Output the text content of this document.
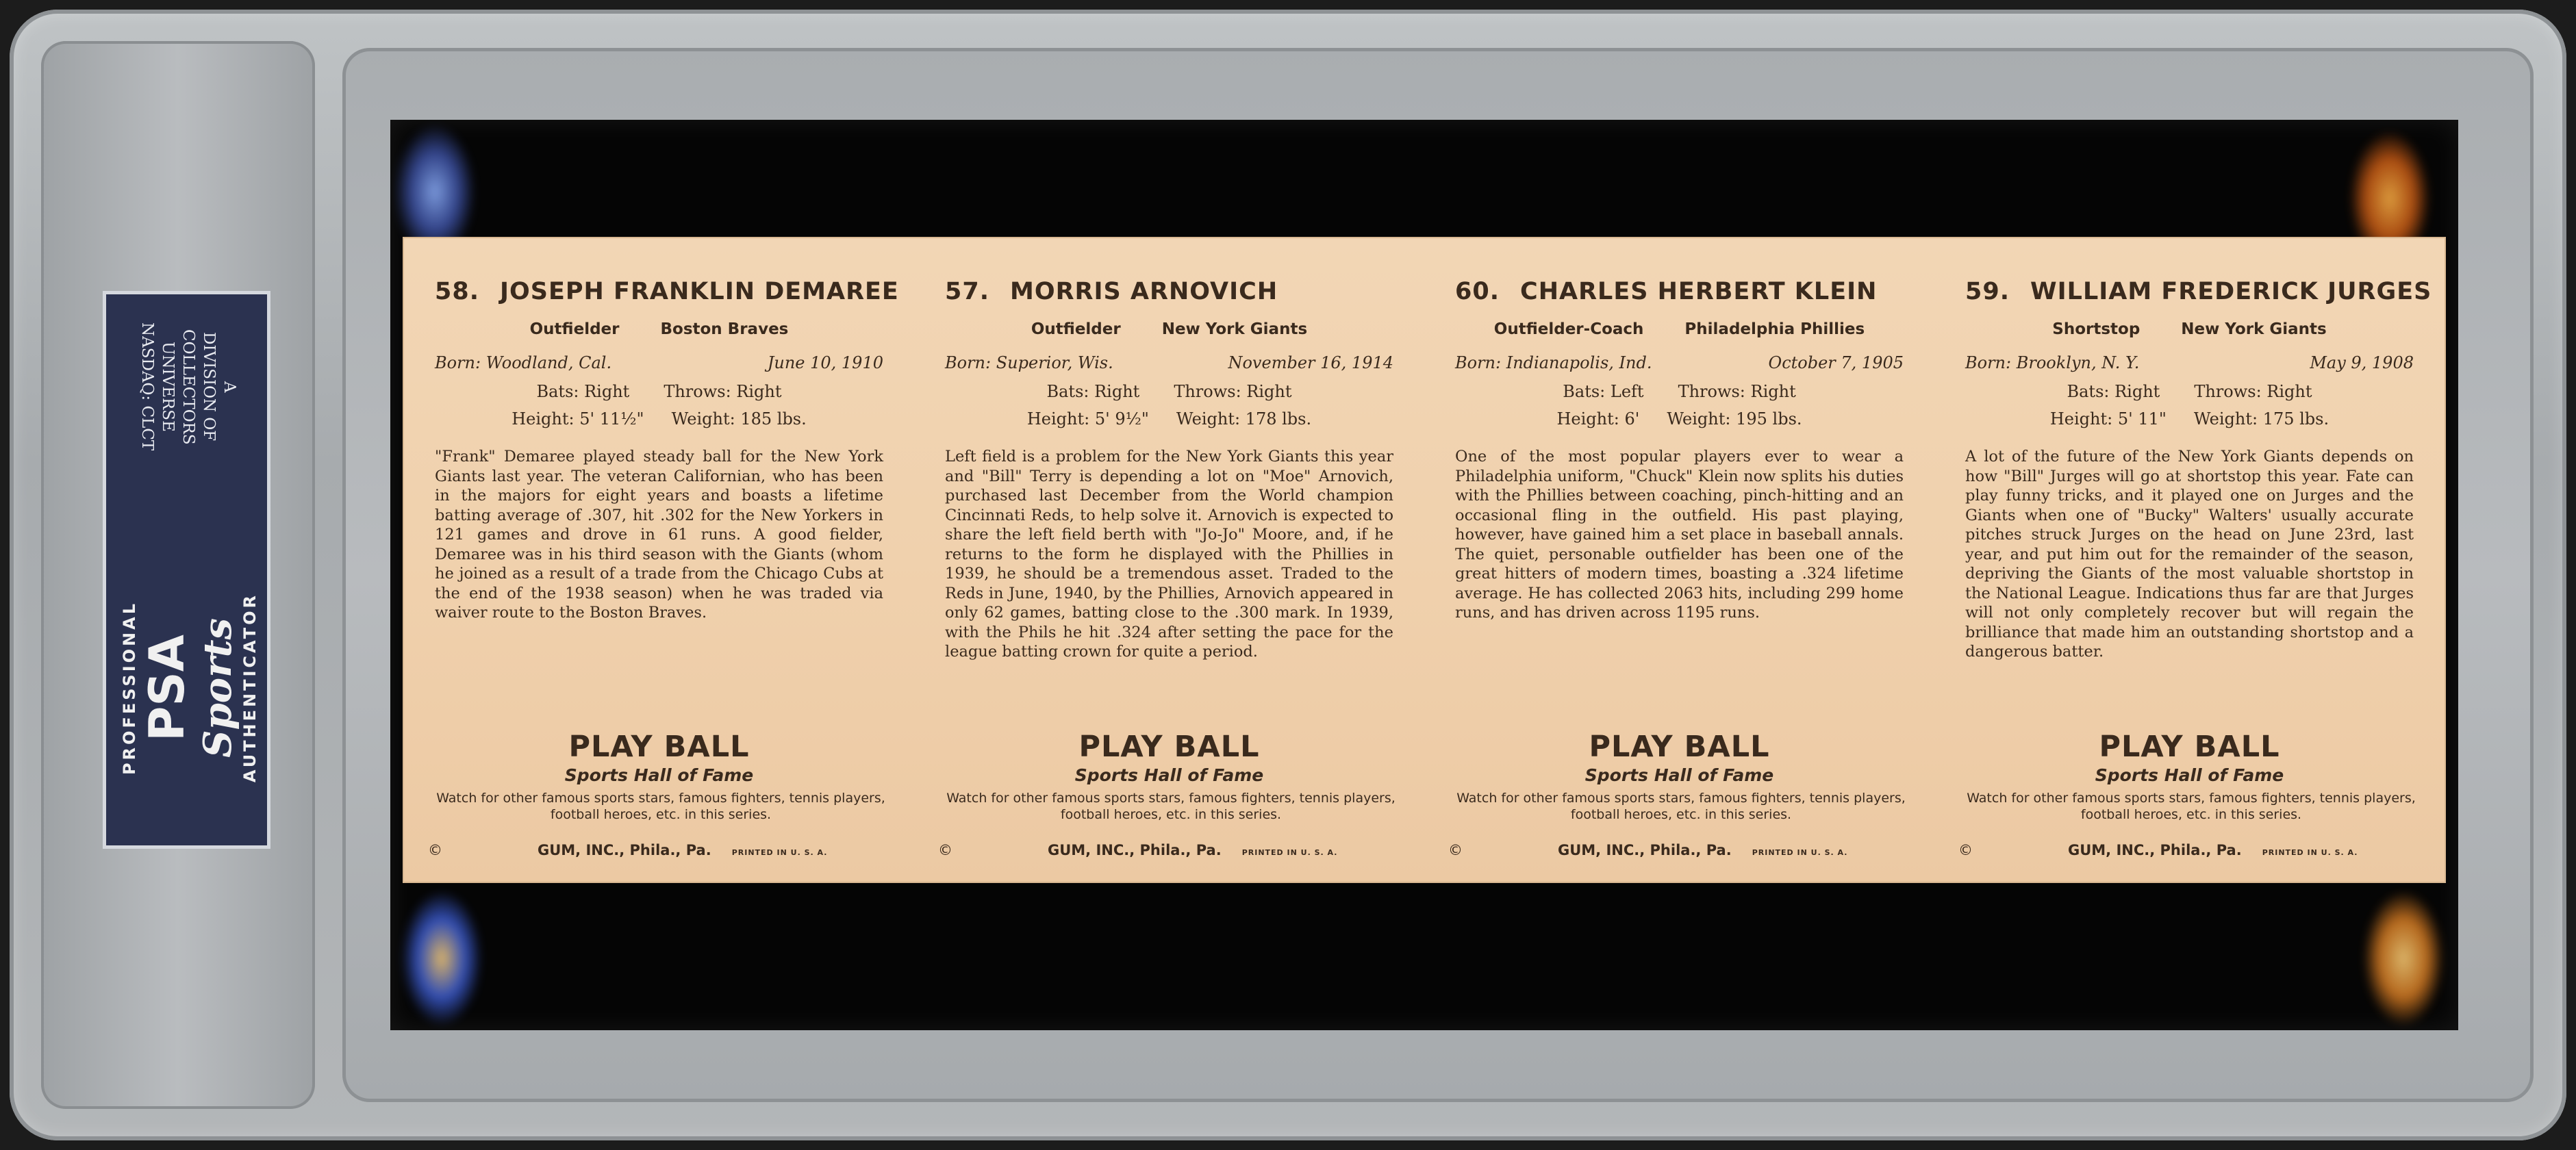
A
DIVISION OF
COLLECTORS
UNIVERSE
NASDAQ: CLCT
PROFESSIONAL PSA Sports AUTHENTICATOR
58. JOSEPH FRANKLIN DEMAREE
Outfielder	Boston Braves
Born: Woodland, Cal.	June 10, 1910
Bats: Right Throws: Right
Height: 5' 11½" Weight: 185 lbs.
"Frank" Demaree played steady ball for the New York Giants last year. The veteran Californian, who has been in the majors for eight years and boasts a lifetime batting average of .307, hit .302 for the New Yorkers in 121 games and drove in 61 runs. A good fielder, Demaree was in his third season with the Giants (whom he joined as a result of a trade from the Chicago Cubs at the end of the 1938 season) when he was traded via waiver route to the Boston Braves.
PLAY BALL
Sports Hall of Fame
Watch for other famous sports stars, famous fighters, tennis players, football heroes, etc. in this series.
©	GUM, INC., Phila., Pa.	PRINTED IN U. S. A.
57. MORRIS ARNOVICH
Outfielder	New York Giants
Born: Superior, Wis.	November 16, 1914
Bats: Right Throws: Right
Height: 5' 9½" Weight: 178 lbs.
Left field is a problem for the New York Giants this year and "Bill" Terry is depending a lot on "Moe" Arnovich, purchased last December from the World champion Cincinnati Reds, to help solve it. Arnovich is expected to share the left field berth with "Jo-Jo" Moore, and, if he returns to the form he displayed with the Phillies in 1939, he should be a tremendous asset. Traded to the Reds in June, 1940, by the Phillies, Arnovich appeared in only 62 games, batting close to the .300 mark. In 1939, with the Phils he hit .324 after setting the pace for the league batting crown for quite a period.
PLAY BALL
Sports Hall of Fame
Watch for other famous sports stars, famous fighters, tennis players, football heroes, etc. in this series.
©	GUM, INC., Phila., Pa.	PRINTED IN U. S. A.
60. CHARLES HERBERT KLEIN
Outfielder-Coach	Philadelphia Phillies
Born: Indianapolis, Ind.	October 7, 1905
Bats: Left Throws: Right
Height: 6' Weight: 195 lbs.
One of the most popular players ever to wear a Philadelphia uniform, "Chuck" Klein now splits his duties with the Phillies between coaching, pinch-hitting and an occasional fling in the outfield. His past playing, however, have gained him a set place in baseball annals. The quiet, personable outfielder has been one of the great hitters of modern times, boasting a .324 lifetime average. He has collected 2063 hits, including 299 home runs, and has driven across 1195 runs.
PLAY BALL
Sports Hall of Fame
Watch for other famous sports stars, famous fighters, tennis players, football heroes, etc. in this series.
©	GUM, INC., Phila., Pa.	PRINTED IN U. S. A.
59. WILLIAM FREDERICK JURGES
Shortstop	New York Giants
Born: Brooklyn, N. Y.	May 9, 1908
Bats: Right Throws: Right
Height: 5' 11" Weight: 175 lbs.
A lot of the future of the New York Giants depends on how "Bill" Jurges will go at shortstop this year. Fate can play funny tricks, and it played one on Jurges and the Giants when one of "Bucky" Walters' usually accurate pitches struck Jurges on the head on June 23rd, last year, and put him out for the remainder of the season, depriving the Giants of the most valuable shortstop in the National League. Indications thus far are that Jurges will not only completely recover but will regain the brilliance that made him an outstanding shortstop and a dangerous batter.
PLAY BALL
Sports Hall of Fame
Watch for other famous sports stars, famous fighters, tennis players, football heroes, etc. in this series.
©	GUM, INC., Phila., Pa.	PRINTED IN U. S. A.
